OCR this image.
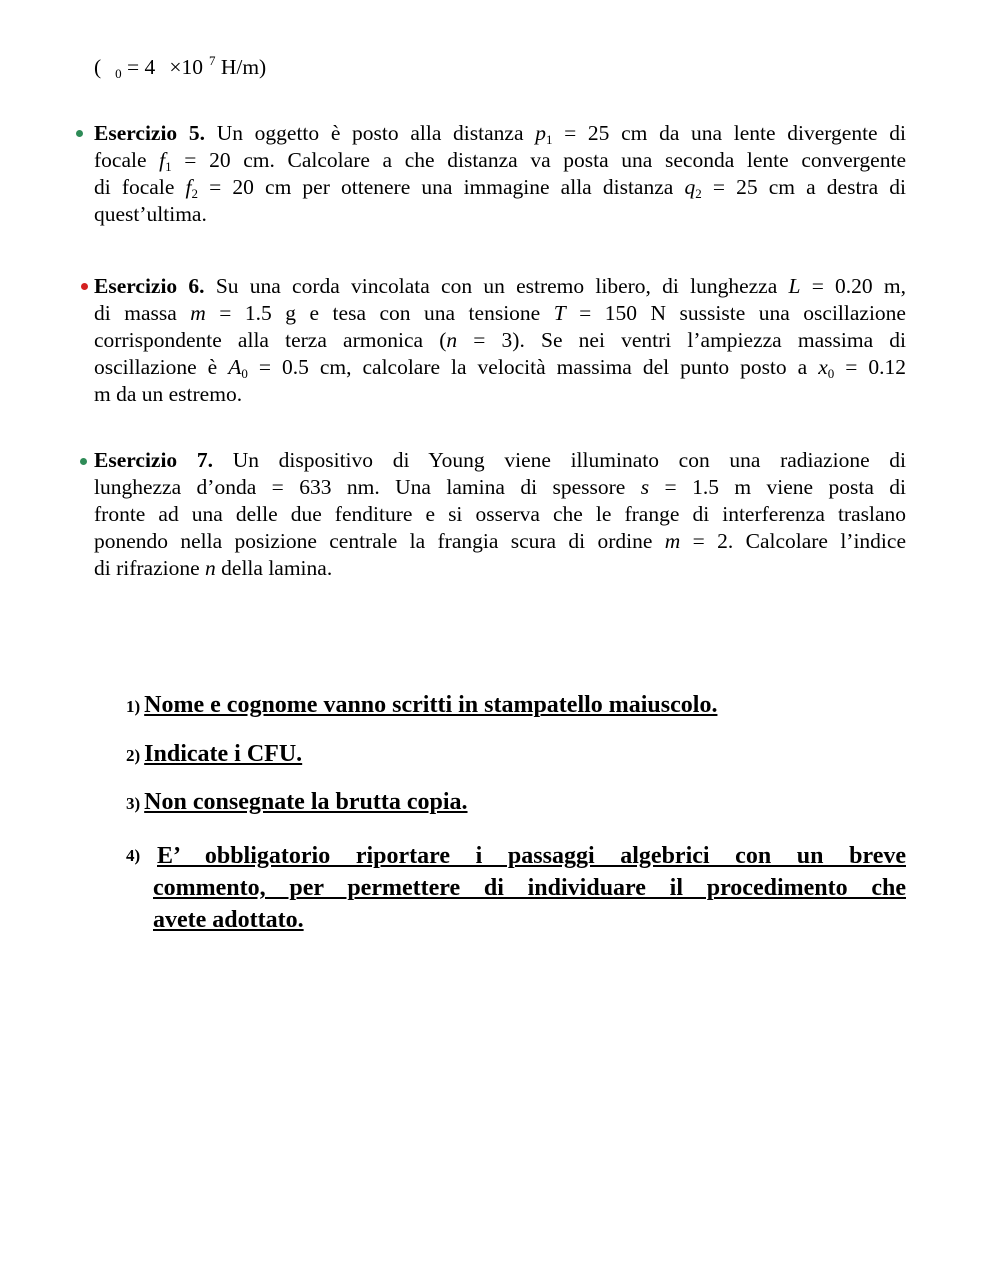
( $_0$ = 4 ×10 $^7$ H/m)
Esercizio 5. Un oggetto è posto alla distanza $p_1 = 25$ cm da una lente divergente di
focale $f_1 = 20$ cm. Calcolare a che distanza va posta una seconda lente convergente
di focale $f_2 = 20$ cm per ottenere una immagine alla distanza $q_2 = 25$ cm a destra di
quest’ultima.
Esercizio 6. Su una corda vincolata con un estremo libero, di lunghezza L = 0.20 m,
di massa m = 1.5 g e tesa con una tensione T = 150 N sussiste una oscillazione
corrispondente alla terza armonica (n = 3). Se nei ventri l’ampiezza massima di
oscillazione è $A_0 = 0.5$ cm, calcolare la velocità massima del punto posto a $x_0 = 0.12$
m da un estremo.
Esercizio 7. Un dispositivo di Young viene illuminato con una radiazione di
lunghezza d’onda = 633 nm. Una lamina di spessore s = 1.5 m viene posta di
fronte ad una delle due fenditure e si osserva che le frange di interferenza traslano
ponendo nella posizione centrale la frangia scura di ordine m = 2. Calcolare l’indice
di rifrazione n della lamina.
1) Nome e cognome vanno scritti in stampatello maiuscolo.
2) Indicate i CFU.
3) Non consegnate la brutta copia.
4) E’ obbligatorio riportare i passaggi algebrici con un breve
commento, per permettere di individuare il procedimento che
avete adottato.
